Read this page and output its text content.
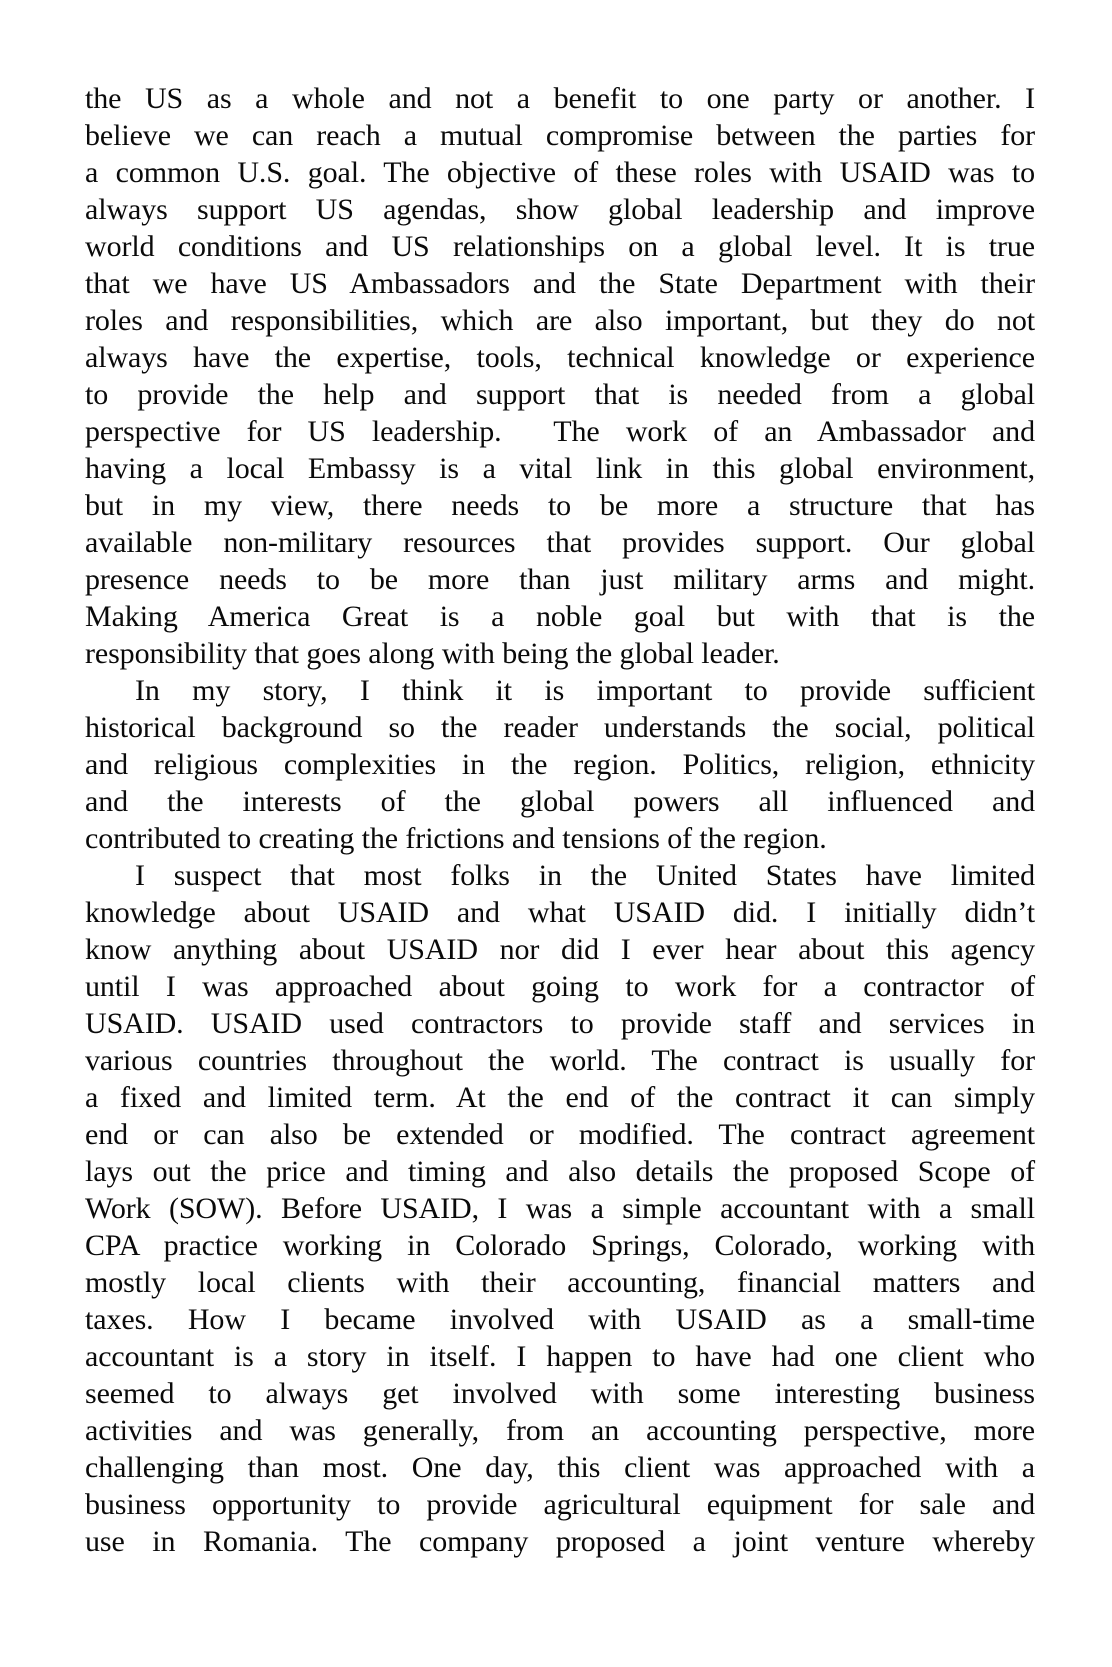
the US as a whole and not a benefit to one party or another. I
believe we can reach a mutual compromise between the parties for
a common U.S. goal. The objective of these roles with USAID was to
always support US agendas, show global leadership and improve
world conditions and US relationships on a global level. It is true
that we have US Ambassadors and the State Department with their
roles and responsibilities, which are also important, but they do not
always have the expertise, tools, technical knowledge or experience
to provide the help and support that is needed from a global
perspective for US leadership.  The work of an Ambassador and
having a local Embassy is a vital link in this global environment,
but in my view, there needs to be more a structure that has
available non-military resources that provides support. Our global
presence needs to be more than just military arms and might.
Making America Great is a noble goal but with that is the
responsibility that goes along with being the global leader.
In my story, I think it is important to provide sufficient
historical background so the reader understands the social, political
and religious complexities in the region. Politics, religion, ethnicity
and the interests of the global powers all influenced and
contributed to creating the frictions and tensions of the region.
I suspect that most folks in the United States have limited
knowledge about USAID and what USAID did. I initially didn’t
know anything about USAID nor did I ever hear about this agency
until I was approached about going to work for a contractor of
USAID. USAID used contractors to provide staff and services in
various countries throughout the world. The contract is usually for
a fixed and limited term. At the end of the contract it can simply
end or can also be extended or modified. The contract agreement
lays out the price and timing and also details the proposed Scope of
Work (SOW). Before USAID, I was a simple accountant with a small
CPA practice working in Colorado Springs, Colorado, working with
mostly local clients with their accounting, financial matters and
taxes. How I became involved with USAID as a small-time
accountant is a story in itself. I happen to have had one client who
seemed to always get involved with some interesting business
activities and was generally, from an accounting perspective, more
challenging than most. One day, this client was approached with a
business opportunity to provide agricultural equipment for sale and
use in Romania. The company proposed a joint venture whereby
